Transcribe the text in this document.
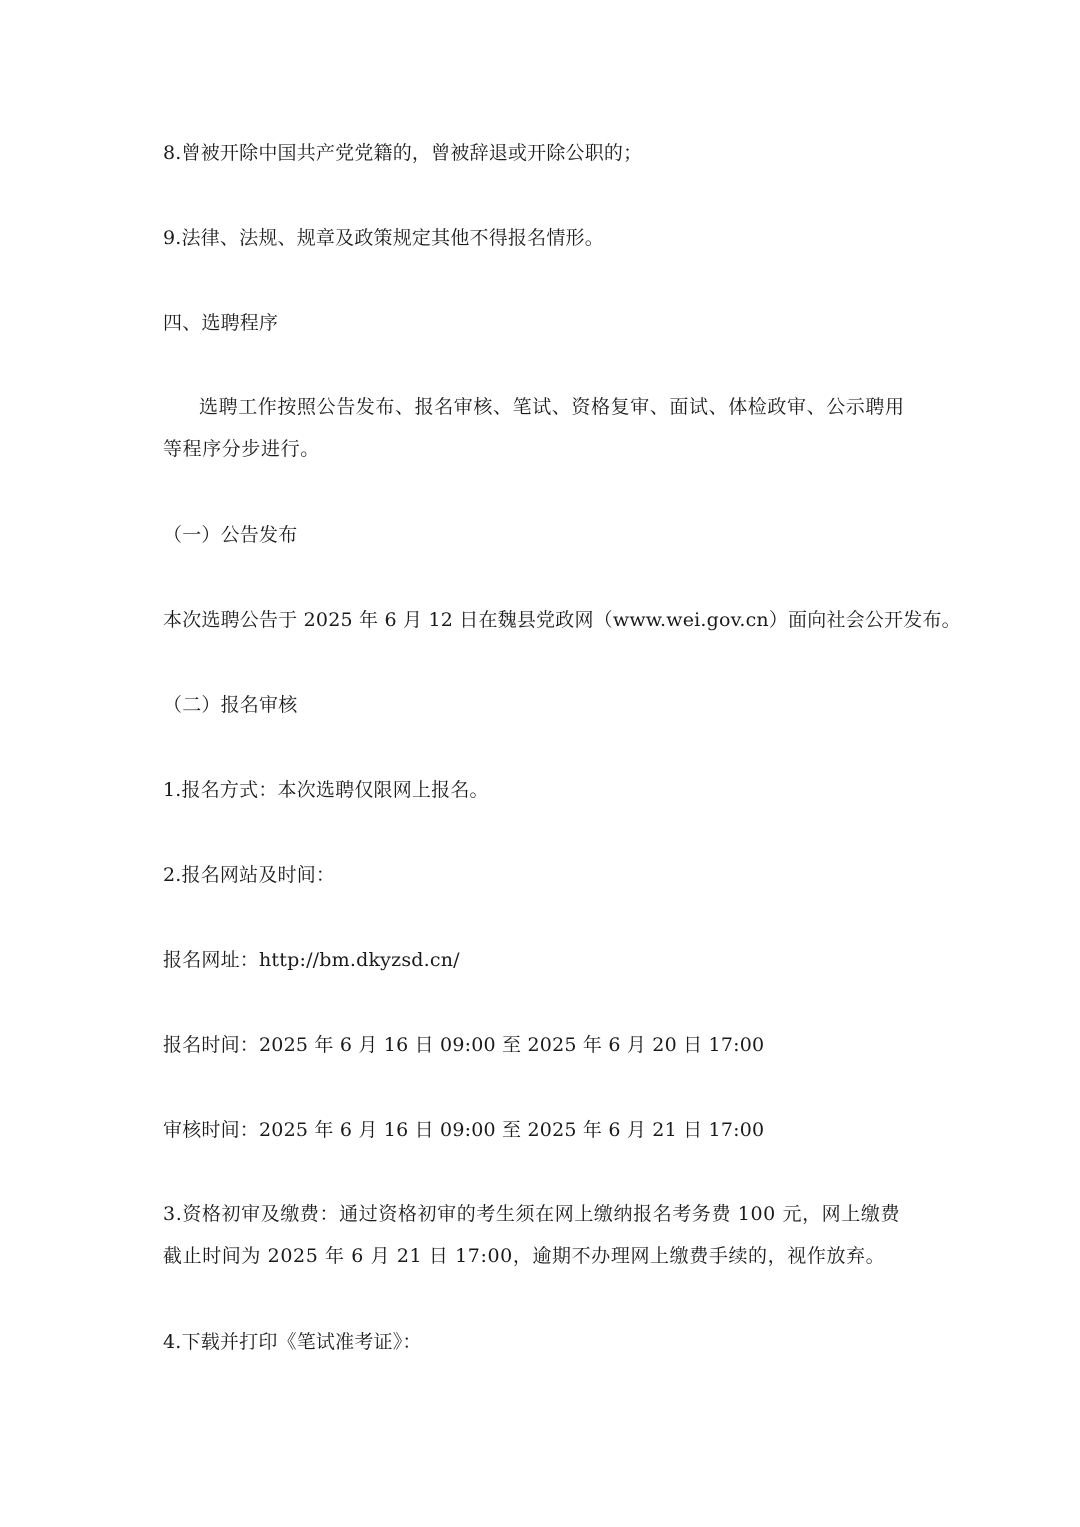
8.曾被开除中国共产党党籍的，曾被辞退或开除公职的；
9.法律、法规、规章及政策规定其他不得报名情形。
四、选聘程序
选聘工作按照公告发布、报名审核、笔试、资格复审、面试、体检政审、公示聘用等程序分步进行。
（一）公告发布
本次选聘公告于 2025 年 6 月 12 日在魏县党政网（www.wei.gov.cn）面向社会公开发布。
（二）报名审核
1.报名方式：本次选聘仅限网上报名。
2.报名网站及时间：
报名网址：http://bm.dkyzsd.cn/
报名时间：2025 年 6 月 16 日 09:00 至 2025 年 6 月 20 日 17:00
审核时间：2025 年 6 月 16 日 09:00 至 2025 年 6 月 21 日 17:00
3.资格初审及缴费：通过资格初审的考生须在网上缴纳报名考务费 100 元，网上缴费截止时间为 2025 年 6 月 21 日 17:00，逾期不办理网上缴费手续的，视作放弃。
4.下载并打印《笔试准考证》：
